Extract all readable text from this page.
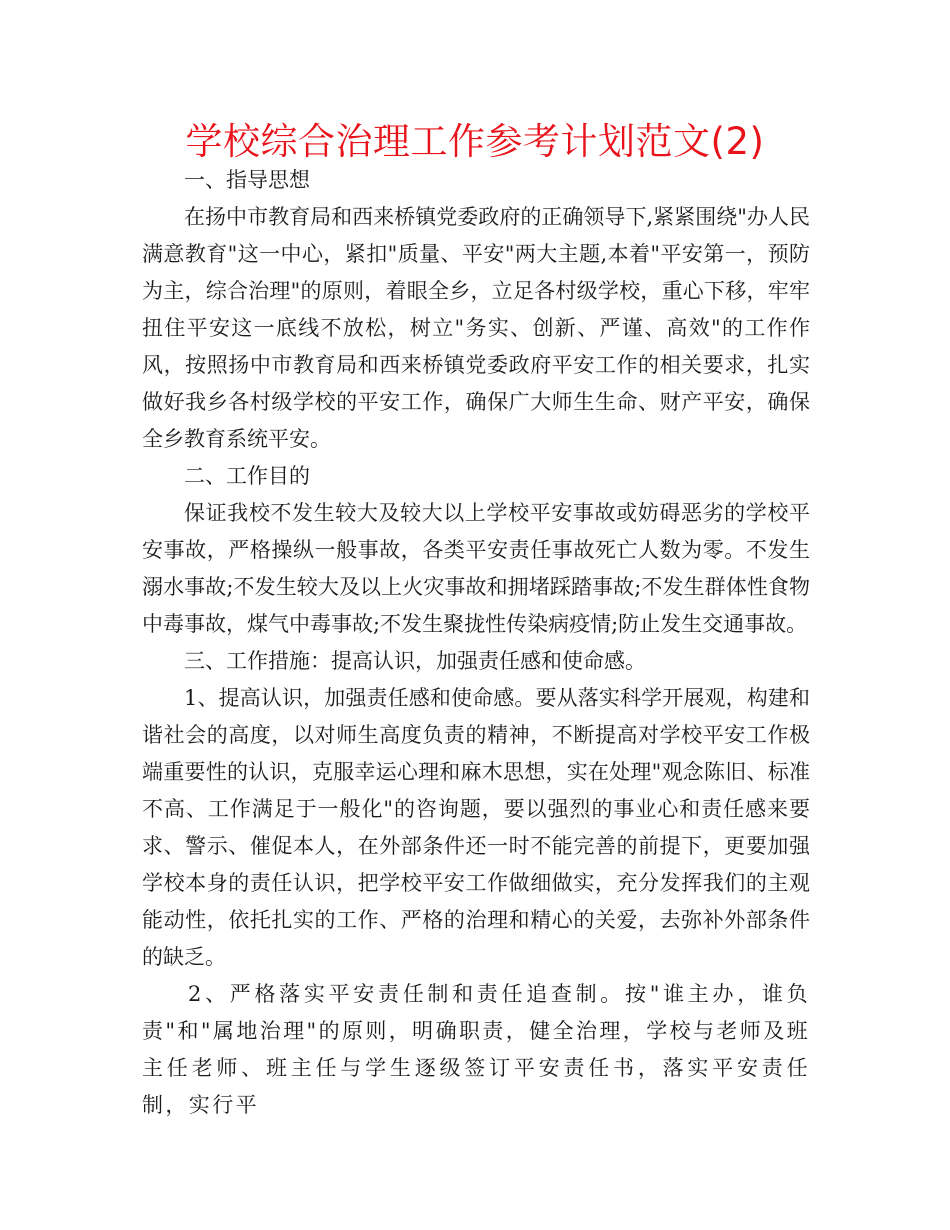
学校综合治理工作参考计划范文(2)

一、指导思想

在扬中市教育局和西来桥镇党委政府的正确领导下,紧紧围绕"办人民满意教育"这一中心，紧扣"质量、平安"两大主题,本着"平安第一，预防为主，综合治理"的原则，着眼全乡，立足各村级学校，重心下移，牢牢扭住平安这一底线不放松，树立"务实、创新、严谨、高效"的工作作风，按照扬中市教育局和西来桥镇党委政府平安工作的相关要求，扎实做好我乡各村级学校的平安工作，确保广大师生生命、财产平安，确保全乡教育系统平安。

二、工作目的

保证我校不发生较大及较大以上学校平安事故或妨碍恶劣的学校平安事故，严格操纵一般事故，各类平安责任事故死亡人数为零。不发生溺水事故;不发生较大及以上火灾事故和拥堵踩踏事故;不发生群体性食物中毒事故，煤气中毒事故;不发生聚拢性传染病疫情;防止发生交通事故。

三、工作措施：提高认识，加强责任感和使命感。

1、提高认识，加强责任感和使命感。要从落实科学开展观，构建和谐社会的高度，以对师生高度负责的精神，不断提高对学校平安工作极端重要性的认识，克服幸运心理和麻木思想，实在处理"观念陈旧、标准不高、工作满足于一般化"的咨询题，要以强烈的事业心和责任感来要求、警示、催促本人，在外部条件还一时不能完善的前提下，更要加强学校本身的责任认识，把学校平安工作做细做实，充分发挥我们的主观能动性，依托扎实的工作、严格的治理和精心的关爱，去弥补外部条件的缺乏。

2、严格落实平安责任制和责任追查制。按"谁主办，谁负责"和"属地治理"的原则，明确职责，健全治理，学校与老师及班主任老师、班主任与学生逐级签订平安责任书，落实平安责任制，实行平
